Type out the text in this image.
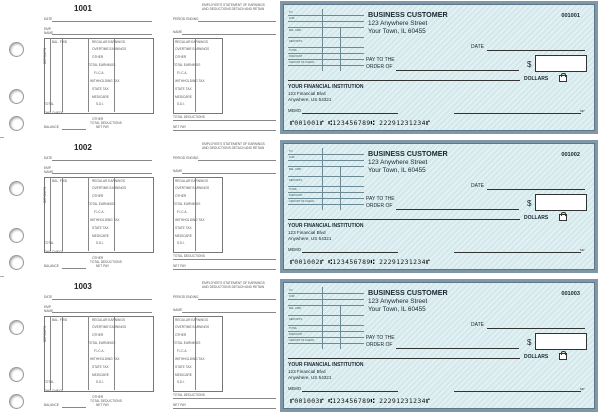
1001
DATE	PERIOD ENDING
EMPLOYEE'S STATEMENT OF EARNINGS
AND DEDUCTIONS DETACH AND RETAIN
EMP.
NAME	NAME
BAL. FWD
DEPOSITS
REGULAR EARNINGS
OVERTIME EARNINGS
OTHER
TOTAL EARNINGS
F.I.C.A.
WITHHOLDING TAX
STATE TAX
MEDICARE
S.D.I.
TOTAL
THIS CHECK
BALANCE
OTHER
TOTAL DEDUCTIONS
NET PAY
REGULAR EARNINGS
OVERTIME EARNINGS
OTHER
TOTAL EARNINGS
F.I.C.A.
WITHHOLDING TAX
STATE TAX
MEDICARE
S.D.I.
TOTAL DEDUCTIONS
NET PAY
TO
FOR
BAL. FWD
DEPOSITS
TOTAL
DISCOUNT
AMOUNT OF CHECK
BUSINESS CUSTOMER
123 Anywhere Street
Your Town, IL 60455
001001
DATE
PAY TO THE
ORDER OF	$
DOLLARS
YOUR FINANCIAL INSTITUTION
123 Financial Blvd
Anywhere, US 54321
MEMO	MP
⑈001001⑈ ⑆123456789⑆ 22291231234⑈
1002
DATE	PERIOD ENDING
EMPLOYEE'S STATEMENT OF EARNINGS
AND DEDUCTIONS DETACH AND RETAIN
EMP.
NAME	NAME
BAL. FWD
DEPOSITS
REGULAR EARNINGS
OVERTIME EARNINGS
OTHER
TOTAL EARNINGS
F.I.C.A.
WITHHOLDING TAX
STATE TAX
MEDICARE
S.D.I.
TOTAL
THIS CHECK
BALANCE
OTHER
TOTAL DEDUCTIONS
NET PAY
REGULAR EARNINGS
OVERTIME EARNINGS
OTHER
TOTAL EARNINGS
F.I.C.A.
WITHHOLDING TAX
STATE TAX
MEDICARE
S.D.I.
TOTAL DEDUCTIONS
NET PAY
TO
FOR
BAL. FWD
DEPOSITS
TOTAL
DISCOUNT
AMOUNT OF CHECK
BUSINESS CUSTOMER
123 Anywhere Street
Your Town, IL 60455
001002
DATE
PAY TO THE
ORDER OF	$
DOLLARS
YOUR FINANCIAL INSTITUTION
123 Financial Blvd
Anywhere, US 54321
MEMO	MP
⑈001002⑈ ⑆123456789⑆ 22291231234⑈
1003
DATE	PERIOD ENDING
EMPLOYEE'S STATEMENT OF EARNINGS
AND DEDUCTIONS DETACH AND RETAIN
EMP.
NAME	NAME
BAL. FWD
DEPOSITS
REGULAR EARNINGS
OVERTIME EARNINGS
OTHER
TOTAL EARNINGS
F.I.C.A.
WITHHOLDING TAX
STATE TAX
MEDICARE
S.D.I.
TOTAL
THIS CHECK
BALANCE
OTHER
TOTAL DEDUCTIONS
NET PAY
REGULAR EARNINGS
OVERTIME EARNINGS
OTHER
TOTAL EARNINGS
F.I.C.A.
WITHHOLDING TAX
STATE TAX
MEDICARE
S.D.I.
TOTAL DEDUCTIONS
NET PAY
TO
FOR
BAL. FWD
DEPOSITS
TOTAL
DISCOUNT
AMOUNT OF CHECK
BUSINESS CUSTOMER
123 Anywhere Street
Your Town, IL 60455
001003
DATE
PAY TO THE
ORDER OF	$
DOLLARS
YOUR FINANCIAL INSTITUTION
123 Financial Blvd
Anywhere, US 54321
MEMO	MP
⑈001003⑈ ⑆123456789⑆ 22291231234⑈
